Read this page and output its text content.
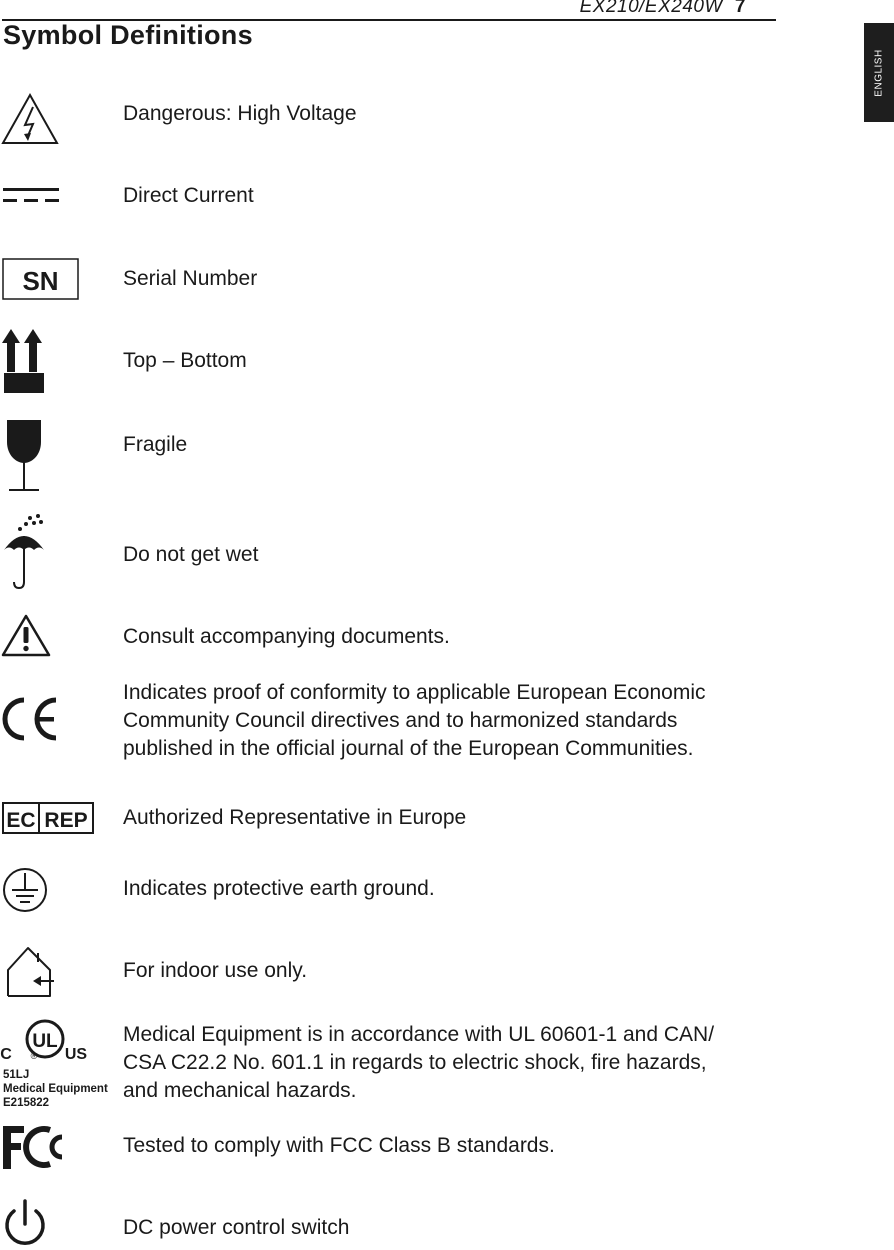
EX210/EX240W 7
Symbol Definitions
ENGLISH

Dangerous: High Voltage

Direct Current

SN	Serial Number

Top – Bottom

Fragile

Do not get wet

Consult accompanying documents.

Indicates proof of conformity to applicable European Economic
Community Council directives and to harmonized standards
published in the official journal of the European Communities.

EC REP Authorized Representative in Europe

Indicates protective earth ground.

For indoor use only.

UL
C	US
®

51LJ
Medical Equipment
E215822

Medical Equipment is in accordance with UL 60601-1 and CAN/
CSA C22.2 No. 601.1 in regards to electric shock, fire hazards,
and mechanical hazards.

Tested to comply with FCC Class B standards.

DC power control switch
